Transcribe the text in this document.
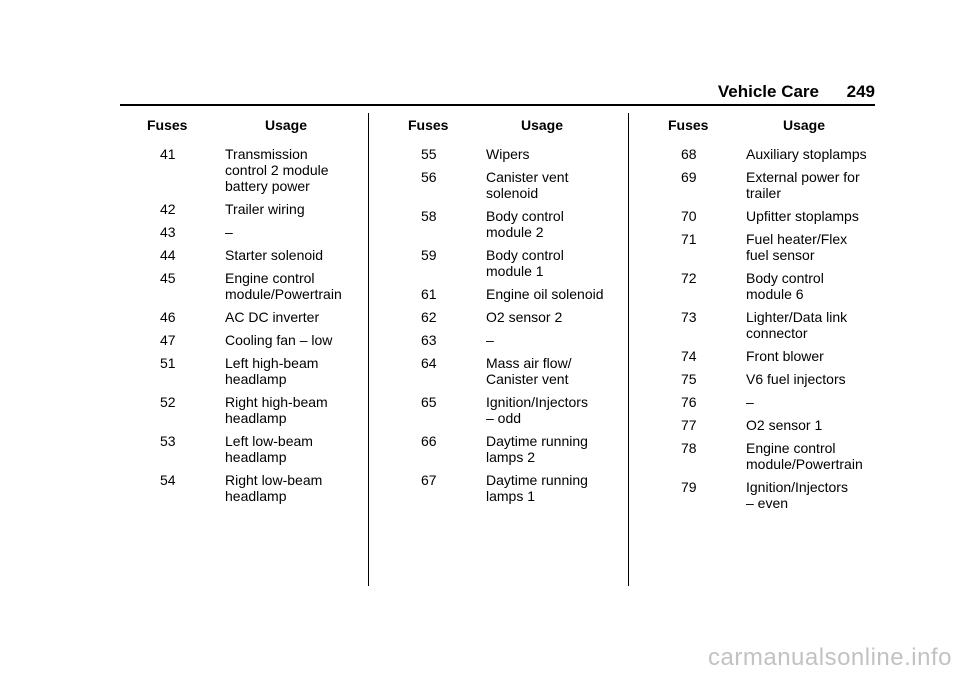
Vehicle Care 249
Fuses	Usage
41	Transmission
control 2 module
battery power
42	Trailer wiring
43	–
44	Starter solenoid
45	Engine control
module/Powertrain
46	AC DC inverter
47	Cooling fan – low
51	Left high-beam
headlamp
52	Right high-beam
headlamp
53	Left low-beam
headlamp
54	Right low-beam
headlamp
Fuses	Usage
55	Wipers
56	Canister vent
solenoid
58	Body control
module 2
59	Body control
module 1
61	Engine oil solenoid
62	O2 sensor 2
63	–
64	Mass air flow/
Canister vent
65	Ignition/Injectors
– odd
66	Daytime running
lamps 2
67	Daytime running
lamps 1
Fuses	Usage
68	Auxiliary stoplamps
69	External power for
trailer
70	Upfitter stoplamps
71	Fuel heater/Flex
fuel sensor
72	Body control
module 6
73	Lighter/Data link
connector
74	Front blower
75	V6 fuel injectors
76	–
77	O2 sensor 1
78	Engine control
module/Powertrain
79	Ignition/Injectors
– even
carmanualsonline.info
